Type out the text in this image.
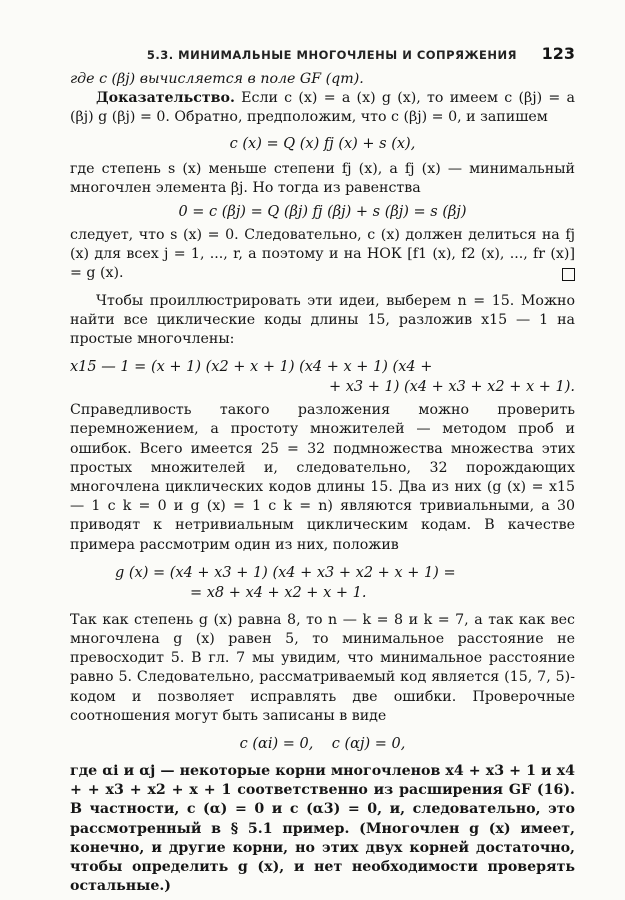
5.3. МИНИМАЛЬНЫЕ МНОГОЧЛЕНЫ И СОПРЯЖЕНИЯ 123

где c (βj) вычисляется в поле GF (qm).

Доказательство. Если c (x) = a (x) g (x), то имеем c (βj) = a (βj) g (βj) = 0. Обратно, предположим, что c (βj) = 0, и запишем

c (x) = Q (x) fj (x) + s (x),

где степень s (x) меньше степени fj (x), а fj (x) — минимальный многочлен элемента βj. Но тогда из равенства

0 = c (βj) = Q (βj) fj (βj) + s (βj) = s (βj)

следует, что s (x) = 0. Следовательно, c (x) должен делиться на fj (x) для всех j = 1, ..., r, а поэтому и на НОК [f1 (x), f2 (x), ..., fr (x)] = g (x).

Чтобы проиллюстрировать эти идеи, выберем n = 15. Можно найти все циклические коды длины 15, разложив x15 — 1 на простые многочлены:

x15 — 1 = (x + 1) (x2 + x + 1) (x4 + x + 1) (x4 +
+ x3 + 1) (x4 + x3 + x2 + x + 1).

Справедливость такого разложения можно проверить перемножением, а простоту множителей — методом проб и ошибок. Всего имеется 25 = 32 подмножества множества этих простых множителей и, следовательно, 32 порождающих многочлена циклических кодов длины 15. Два из них (g (x) = x15 — 1 с k = 0 и g (x) = 1 с k = n) являются тривиальными, а 30 приводят к нетривиальным циклическим кодам. В качестве примера рассмотрим один из них, положив

g (x) = (x4 + x3 + 1) (x4 + x3 + x2 + x + 1) =
= x8 + x4 + x2 + x + 1.

Так как степень g (x) равна 8, то n — k = 8 и k = 7, а так как вес многочлена g (x) равен 5, то минимальное расстояние не превосходит 5. В гл. 7 мы увидим, что минимальное расстояние равно 5. Следовательно, рассматриваемый код является (15, 7, 5)-кодом и позволяет исправлять две ошибки. Проверочные соотношения могут быть записаны в виде

c (αi) = 0,    c (αj) = 0,

где αi и αj — некоторые корни многочленов x4 + x3 + 1 и x4 + + x3 + x2 + x + 1 соответственно из расширения GF (16). В частности, c (α) = 0 и c (α3) = 0, и, следовательно, это рассмотренный в § 5.1 пример. (Многочлен g (x) имеет, конечно, и другие корни, но этих двух корней достаточно, чтобы определить g (x), и нет необходимости проверять остальные.)
